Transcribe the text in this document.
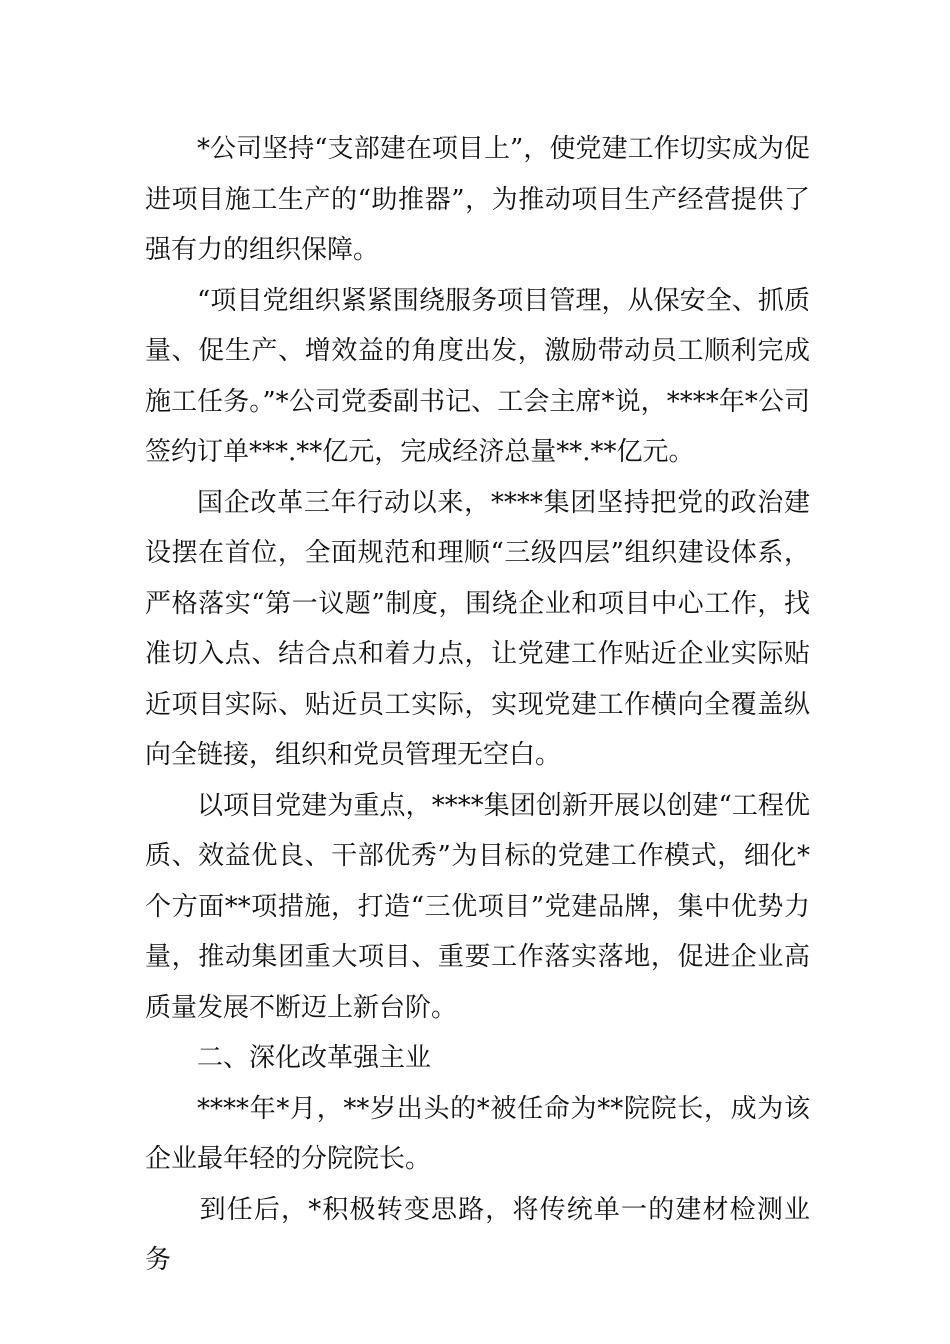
*公司坚持“支部建在项目上”，使党建工作切实成为促进项目施工生产的“助推器”，为推动项目生产经营提供了强有力的组织保障。

“项目党组织紧紧围绕服务项目管理，从保安全、抓质量、促生产、增效益的角度出发，激励带动员工顺利完成施工任务。”*公司党委副书记、工会主席*说，****年*公司签约订单***.**亿元，完成经济总量**.**亿元。

国企改革三年行动以来，****集团坚持把党的政治建设摆在首位，全面规范和理顺“三级四层”组织建设体系，严格落实“第一议题”制度，围绕企业和项目中心工作，找准切入点、结合点和着力点，让党建工作贴近企业实际贴近项目实际、贴近员工实际，实现党建工作横向全覆盖纵向全链接，组织和党员管理无空白。

以项目党建为重点，****集团创新开展以创建“工程优质、效益优良、干部优秀”为目标的党建工作模式，细化*个方面**项措施，打造“三优项目”党建品牌，集中优势力量，推动集团重大项目、重要工作落实落地，促进企业高质量发展不断迈上新台阶。

二、深化改革强主业

****年*月，**岁出头的*被任命为**院院长，成为该企业最年轻的分院院长。

到任后，*积极转变思路，将传统单一的建材检测业务
